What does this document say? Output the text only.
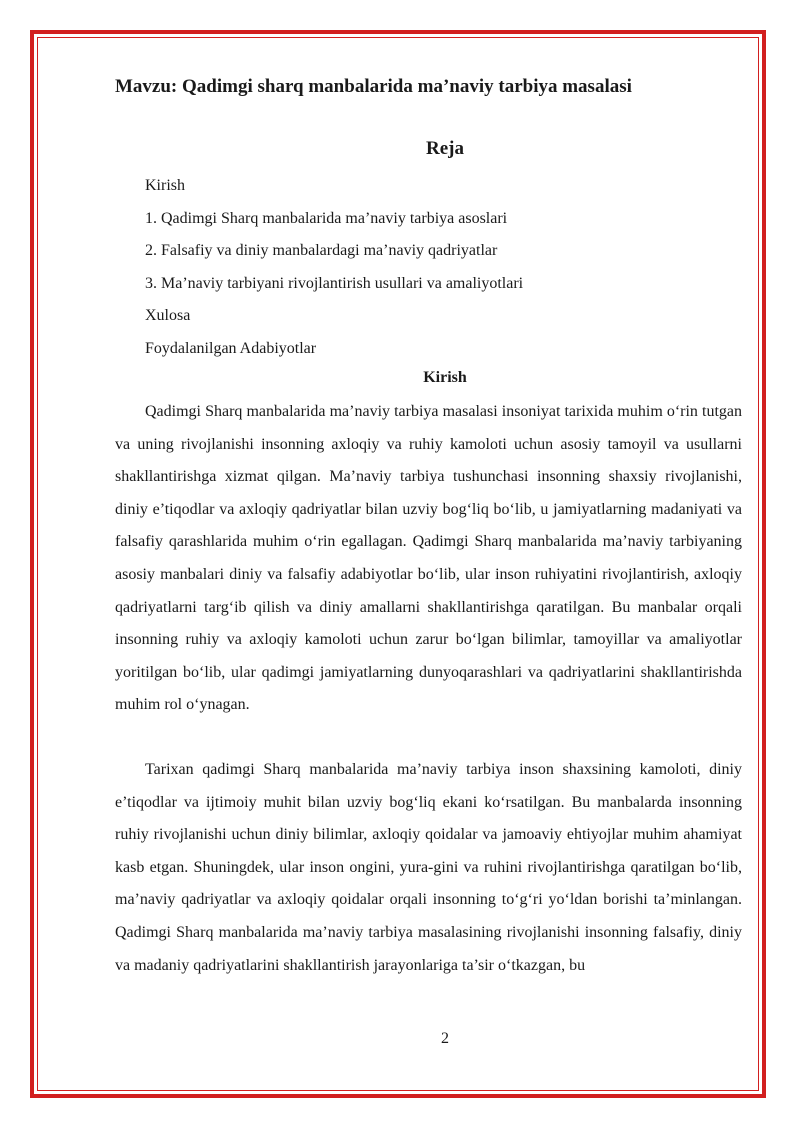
Mavzu: Qadimgi sharq manbalarida ma’naviy tarbiya masalasi
Reja
Kirish
1. Qadimgi Sharq manbalarida ma’naviy tarbiya asoslari
2. Falsafiy va diniy manbalardagi ma’naviy qadriyatlar
3. Ma’naviy tarbiyani rivojlantirish usullari va amaliyotlari
Xulosa
Foydalanilgan Adabiyotlar
Kirish

Qadimgi Sharq manbalarida ma’naviy tarbiya masalasi insoniyat tarixida muhim o‘rin tutgan va uning rivojlanishi insonning axloqiy va ruhiy kamoloti uchun asosiy tamoyil va usullarni shakllantirishga xizmat qilgan. Ma’naviy tarbiya tushunchasi insonning shaxsiy rivojlanishi, diniy e’tiqodlar va axloqiy qadriyatlar bilan uzviy bog‘liq bo‘lib, u jamiyatlarning madaniyati va falsafiy qarashlarida muhim o‘rin egallagan. Qadimgi Sharq manbalarida ma’naviy tarbiyaning asosiy manbalari diniy va falsafiy adabiyotlar bo‘lib, ular inson ruhiyatini rivojlantirish, axloqiy qadriyatlarni targ‘ib qilish va diniy amallarni shakllantirishga qaratilgan. Bu manbalar orqali insonning ruhiy va axloqiy kamoloti uchun zarur bo‘lgan bilimlar, tamoyillar va amaliyotlar yoritilgan bo‘lib, ular qadimgi jamiyatlarning dunyoqarashlari va qadriyatlarini shakllantirishda muhim rol o‘ynagan.

Tarixan qadimgi Sharq manbalarida ma’naviy tarbiya inson shaxsining kamoloti, diniy e’tiqodlar va ijtimoiy muhit bilan uzviy bog‘liq ekani ko‘rsatilgan. Bu manbalarda insonning ruhiy rivojlanishi uchun diniy bilimlar, axloqiy qoidalar va jamoaviy ehtiyojlar muhim ahamiyat kasb etgan. Shuningdek, ular inson ongini, yura-gini va ruhini rivojlantirishga qaratilgan bo‘lib, ma’naviy qadriyatlar va axloqiy qoidalar orqali insonning to‘g‘ri yo‘ldan borishi ta’minlangan. Qadimgi Sharq manbalarida ma’naviy tarbiya masalasining rivojlanishi insonning falsafiy, diniy va madaniy qadriyatlarini shakllantirish jarayonlariga ta’sir o‘tkazgan, bu

2
